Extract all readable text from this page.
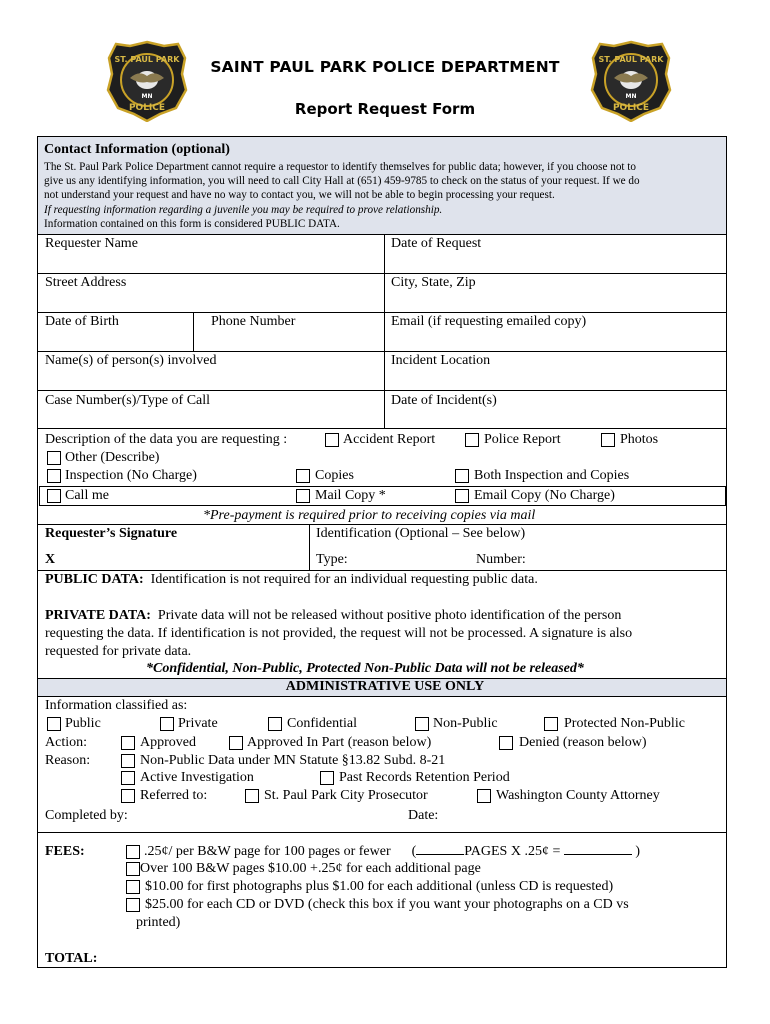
ST. PAUL PARK
MN
POLICE
ST. PAUL PARK
MN
POLICE
SAINT PAUL PARK POLICE DEPARTMENT
Report Request Form
Contact Information (optional)
The St. Paul Park Police Department cannot require a requestor to identify themselves for public data; however, if you choose not to
give us any identifying information, you will need to call City Hall at (651) 459-9785 to check on the status of your request. If we do
not understand your request and have no way to contact you, we will not be able to begin processing your request.
If requesting information regarding a juvenile you may be required to prove relationship.
Information contained on this form is considered PUBLIC DATA.
Requester Name	Date of Request
Street Address	City, State, Zip
Date of Birth	Phone Number	Email (if requesting emailed copy)
Name(s) of person(s) involved	Incident Location
Case Number(s)/Type of Call	Date of Incident(s)
Description of the data you are requesting :	Accident Report	Police Report	Photos
Other (Describe)
Inspection (No Charge)	Copies	Both Inspection and Copies
Call me	Mail Copy *	Email Copy (No Charge)
*Pre-payment is required prior to receiving copies via mail
Requester’s Signature
X
Identification (Optional – See below)
Type:	Number:
PUBLIC DATA: Identification is not required for an individual requesting public data.
PRIVATE DATA: Private data will not be released without positive photo identification of the person
requesting the data. If identification is not provided, the request will not be processed. A signature is also
requested for private data.
*Confidential, Non-Public, Protected Non-Public Data will not be released*
ADMINISTRATIVE USE ONLY
Information classified as:
Public	Private	Confidential	Non-Public	Protected Non-Public
Action:	Approved	Approved In Part (reason below)	Denied (reason below)
Reason:	Non-Public Data under MN Statute §13.82 Subd. 8-21
Active Investigation	Past Records Retention Period
Referred to:	St. Paul Park City Prosecutor	Washington County Attorney
Completed by:	Date:
FEES:	.25¢/ per B&W page for 100 pages or fewer (	PAGES X .25¢ =	)
Over 100 B&W pages $10.00 +.25¢ for each additional page
$10.00 for first photographs plus $1.00 for each additional (unless CD is requested)
$25.00 for each CD or DVD (check this box if you want your photographs on a CD vs
printed)
TOTAL:
